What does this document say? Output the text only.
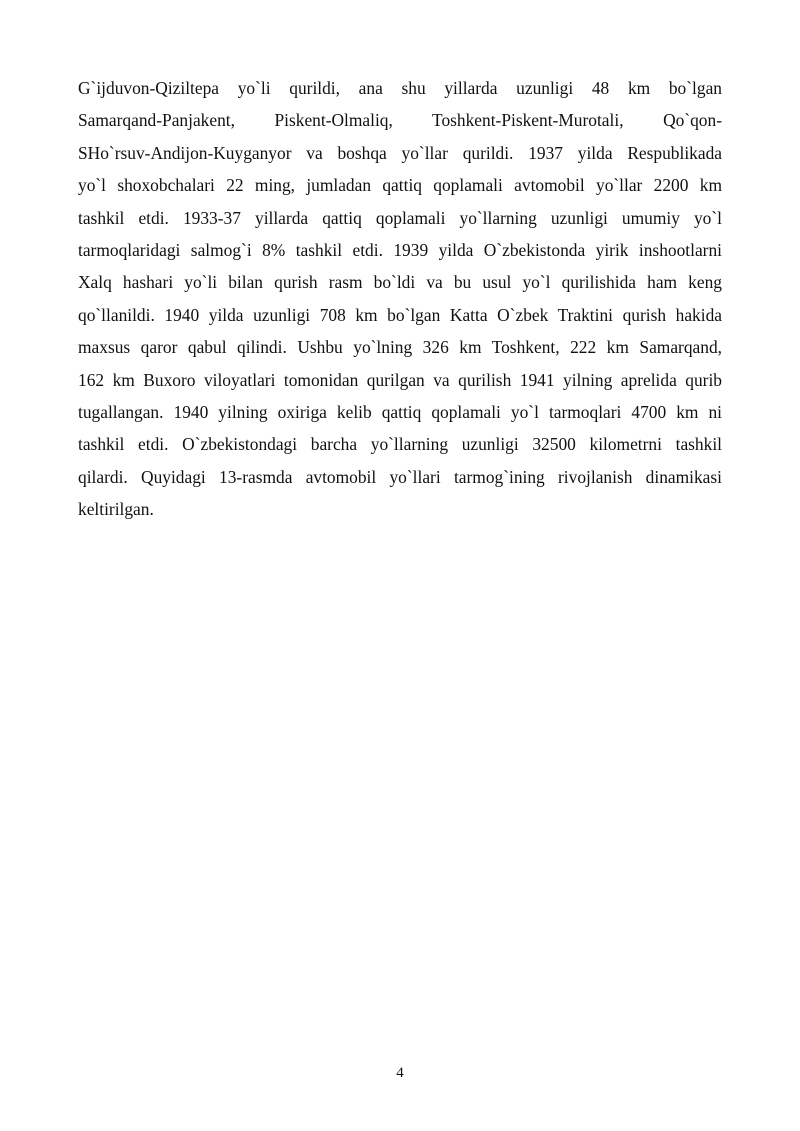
G`ijduvon-Qiziltepa yo`li qurildi, ana shu yillarda uzunligi 48 km bo`lgan
Samarqand-Panjakent, Piskent-Olmaliq, Toshkent-Piskent-Murotali, Qo`qon-
SHo`rsuv-Andijon-Kuyganyor va boshqa yo`llar qurildi. 1937 yilda Respublikada
yo`l shoxobchalari 22 ming, jumladan qattiq qoplamali avtomobil yo`llar 2200 km
tashkil etdi. 1933-37 yillarda qattiq qoplamali yo`llarning uzunligi umumiy yo`l
tarmoqlaridagi salmog`i 8% tashkil etdi. 1939 yilda O`zbekistonda yirik inshootlarni
Xalq hashari yo`li bilan qurish rasm bo`ldi va bu usul yo`l qurilishida ham keng
qo`llanildi. 1940 yilda uzunligi 708 km bo`lgan Katta O`zbek Traktini qurish hakida
maxsus qaror qabul qilindi. Ushbu yo`lning 326 km Toshkent, 222 km Samarqand,
162 km Buxoro viloyatlari tomonidan qurilgan va qurilish 1941 yilning aprelida qurib
tugallangan. 1940 yilning oxiriga kelib qattiq qoplamali yo`l tarmoqlari 4700 km ni
tashkil etdi. O`zbekistondagi barcha yo`llarning uzunligi 32500 kilometrni tashkil
qilardi. Quyidagi 13-rasmda avtomobil yo`llari tarmog`ining rivojlanish dinamikasi
keltirilgan.
4
